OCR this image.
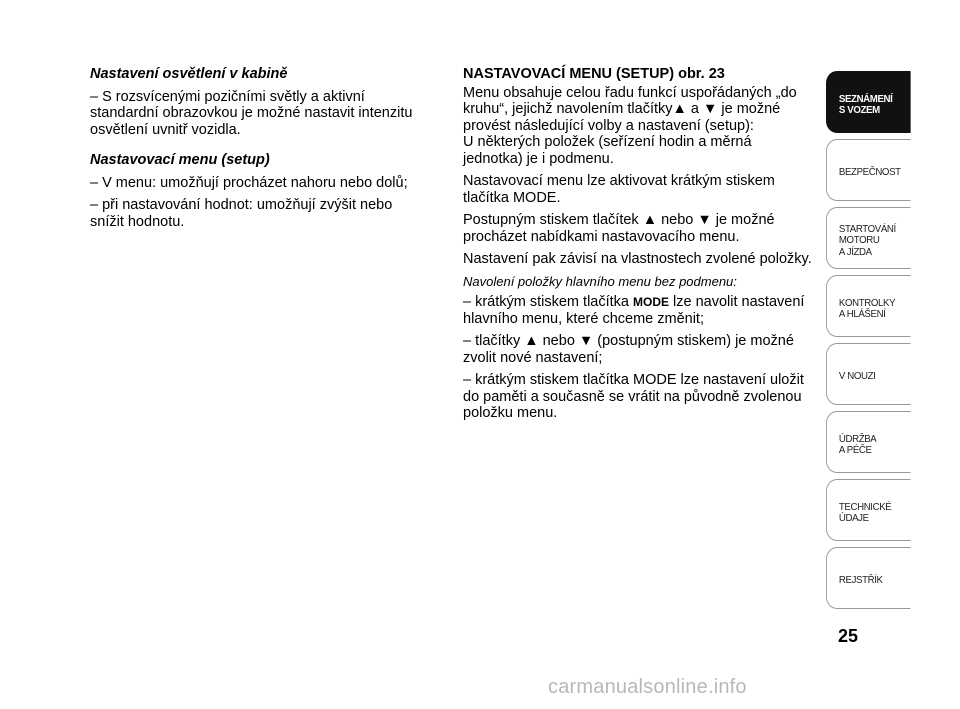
Nastavení osvětlení v kabině

– S rozsvícenými pozičními světly a aktivní standardní obrazovkou je možné nastavit intenzitu osvětlení uvnitř vozidla.

Nastavovací menu (setup)

– V menu: umožňují procházet nahoru nebo dolů;

– při nastavování hodnot: umožňují zvýšit nebo snížit hodnotu.

NASTAVOVACÍ MENU (SETUP) obr. 23

Menu obsahuje celou řadu funkcí uspořádaných „do kruhu“, jejichž navolením tlačítky▲ a ▼ je možné provést následující volby a nastavení (setup):

U některých položek (seřízení hodin a měrná jednotka) je i podmenu.

Nastavovací menu lze aktivovat krátkým stiskem tlačítka MODE.

Postupným stiskem tlačítek ▲ nebo ▼ je možné procházet nabídkami nastavovacího menu.

Nastavení pak závisí na vlastnostech zvolené položky.

Navolení položky hlavního menu bez podmenu:

– krátkým stiskem tlačítka MODE lze navolit nastavení hlavního menu, které chceme změnit;

– tlačítky ▲ nebo ▼ (postupným stiskem) je možné zvolit nové nastavení;

– krátkým stiskem tlačítka MODE lze nastavení uložit do paměti a současně se vrátit na původně zvolenou položku menu.

SEZNÁMENÍ
S VOZEM
BEZPEČNOST
STARTOVÁNÍ
MOTORU
A JÍZDA
KONTROLKY
A HLÁŠENÍ
V NOUZI
ÚDRŽBA
A PÉČE
TECHNICKÉ
ÚDAJE
REJSTŘÍK
25
carmanualsonline.info
